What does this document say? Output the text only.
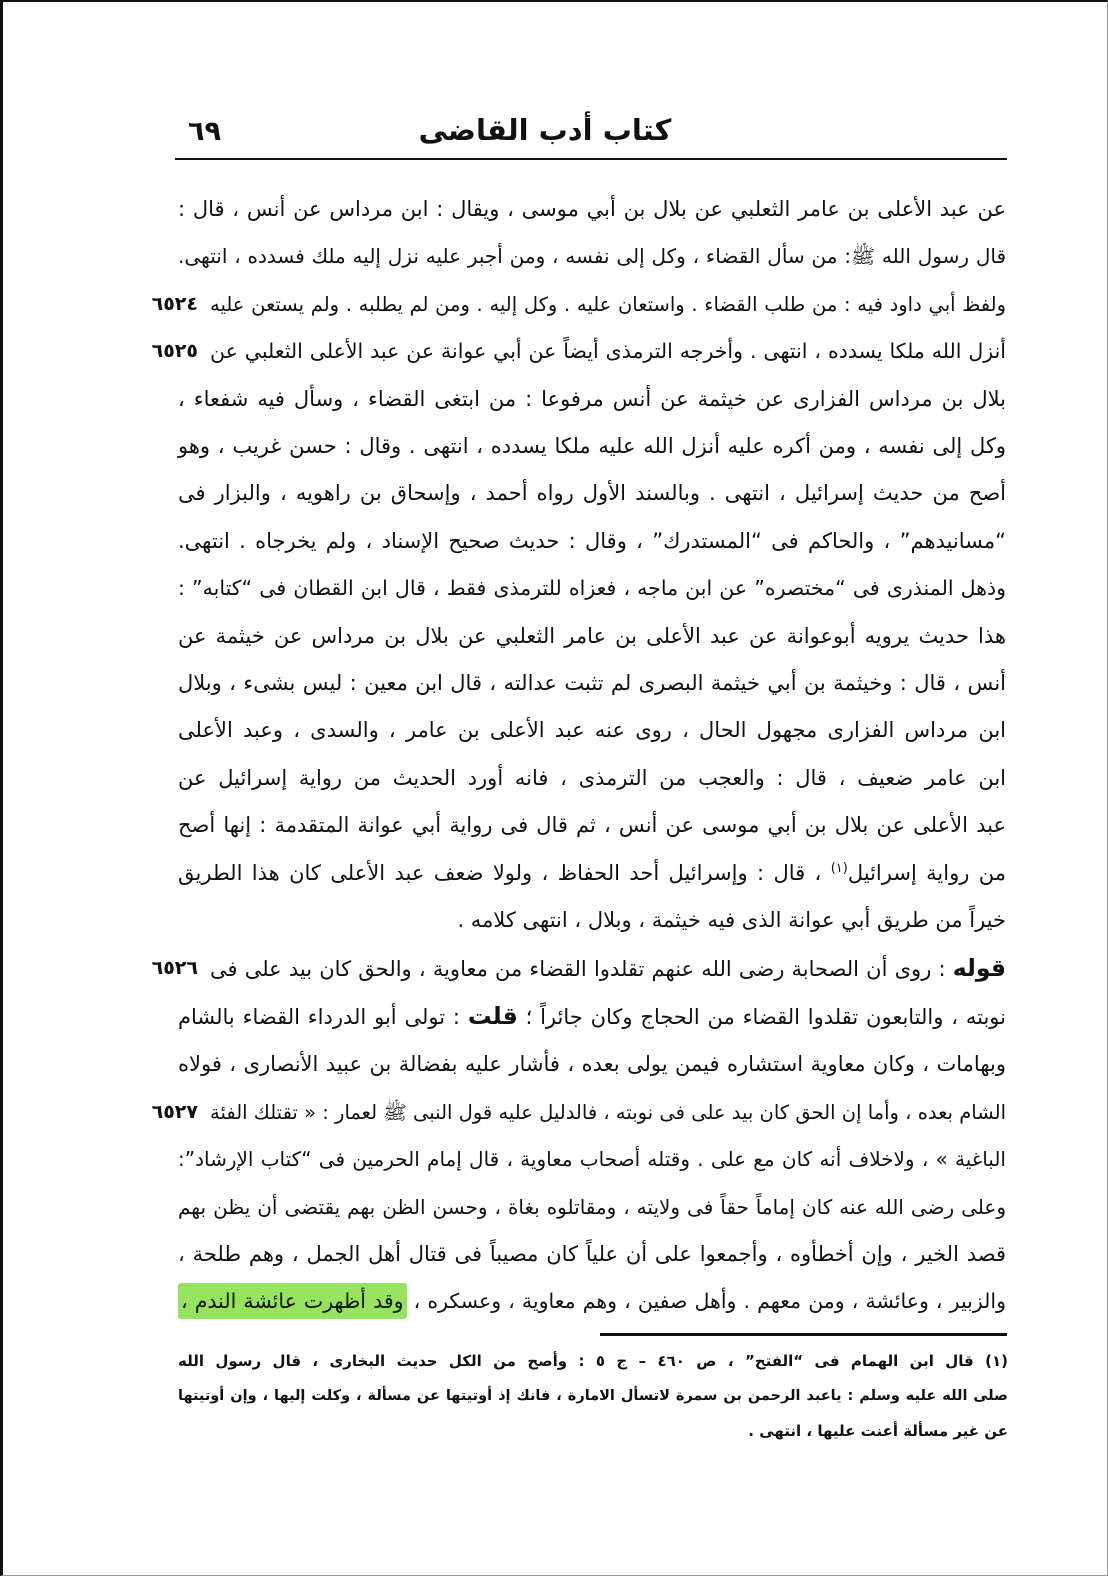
كتاب أدب القاضى
٦٩
عن عبد الأعلى بن عامر الثعلبي عن بلال بن أبي موسى ، ويقال : ابن مرداس عن أنس ، قال :
قال رسول الله ﷺ: من سأل القضاء ، وكل إلى نفسه ، ومن أجبر عليه نزل إليه ملك فسدده ، انتهى.
٦٥٢٤ ولفظ أبي داود فيه : من طلب القضاء . واستعان عليه . وكل إليه . ومن لم يطلبه . ولم يستعن عليه
٦٥٢٥ أنزل الله ملكا يسدده ، انتهى . وأخرجه الترمذى أيضاً عن أبي عوانة عن عبد الأعلى الثعلبي عن
بلال بن مرداس الفزارى عن خيثمة عن أنس مرفوعا : من ابتغى القضاء ، وسأل فيه شفعاء ،
وكل إلى نفسه ، ومن أكره عليه أنزل الله عليه ملكا يسدده ، انتهى . وقال : حسن غريب ، وهو
أصح من حديث إسرائيل ، انتهى . وبالسند الأول رواه أحمد ، وإسحاق بن راهويه ، والبزار فى
“مسانيدهم” ، والحاكم فى “المستدرك” ، وقال : حديث صحيح الإسناد ، ولم يخرجاه . انتهى.
وذهل المنذرى فى “مختصره” عن ابن ماجه ، فعزاه للترمذى فقط ، قال ابن القطان فى “كتابه” :
هذا حديث يرويه أبوعوانة عن عبد الأعلى بن عامر الثعلبي عن بلال بن مرداس عن خيثمة عن
أنس ، قال : وخيثمة بن أبي خيثمة البصرى لم تثبت عدالته ، قال ابن معين : ليس بشىء ، وبلال
ابن مرداس الفزارى مجهول الحال ، روى عنه عبد الأعلى بن عامر ، والسدى ، وعبد الأعلى
ابن عامر ضعيف ، قال : والعجب من الترمذى ، فانه أورد الحديث من رواية إسرائيل عن
عبد الأعلى عن بلال بن أبي موسى عن أنس ، ثم قال فى رواية أبي عوانة المتقدمة : إنها أصح
من رواية إسرائيل$^{(١)}$ ، قال : وإسرائيل أحد الحفاظ ، ولولا ضعف عبد الأعلى كان هذا الطريق
خيراً من طريق أبي عوانة الذى فيه خيثمة ، وبلال ، انتهى كلامه .
٦٥٢٦	قوله : روى أن الصحابة رضى الله عنهم تقلدوا القضاء من معاوية ، والحق كان بيد على فى
نوبته ، والتابعون تقلدوا القضاء من الحجاج وكان جائراً ؛ قلت : تولى أبو الدرداء القضاء بالشام
وبهامات ، وكان معاوية استشاره فيمن يولى بعده ، فأشار عليه بفضالة بن عبيد الأنصارى ، فولاه
٦٥٢٧ الشام بعده ، وأما إن الحق كان بيد على فى نوبته ، فالدليل عليه قول النبى ﷺ لعمار : « تقتلك الفئة
الباغية » ، ولاخلاف أنه كان مع على . وقتله أصحاب معاوية ، قال إمام الحرمين فى “كتاب الإرشاد”:
وعلى رضى الله عنه كان إماماً حقاً فى ولايته ، ومقاتلوه بغاة ، وحسن الظن بهم يقتضى أن يظن بهم
قصد الخير ، وإن أخطأوه ، وأجمعوا على أن علياً كان مصيباً فى قتال أهل الجمل ، وهم طلحة ،
والزبير ، وعائشة ، ومن معهم . وأهل صفين ، وهم معاوية ، وعسكره ، وقد أظهرت عائشة الندم ،
(١) قال ابن الهمام فى “الفتح” ، ص ٤٦٠ – ج ٥ : وأصح من الكل حديث البخارى ، قال رسول الله
صلى الله عليه وسلم : ياعبد الرحمن بن سمرة لاتسأل الامارة ، فانك إذ أوتيتها عن مسألة ، وكلت إليها ، وإن أوتيتها
عن غير مسألة أعنت عليها ، انتهى .
